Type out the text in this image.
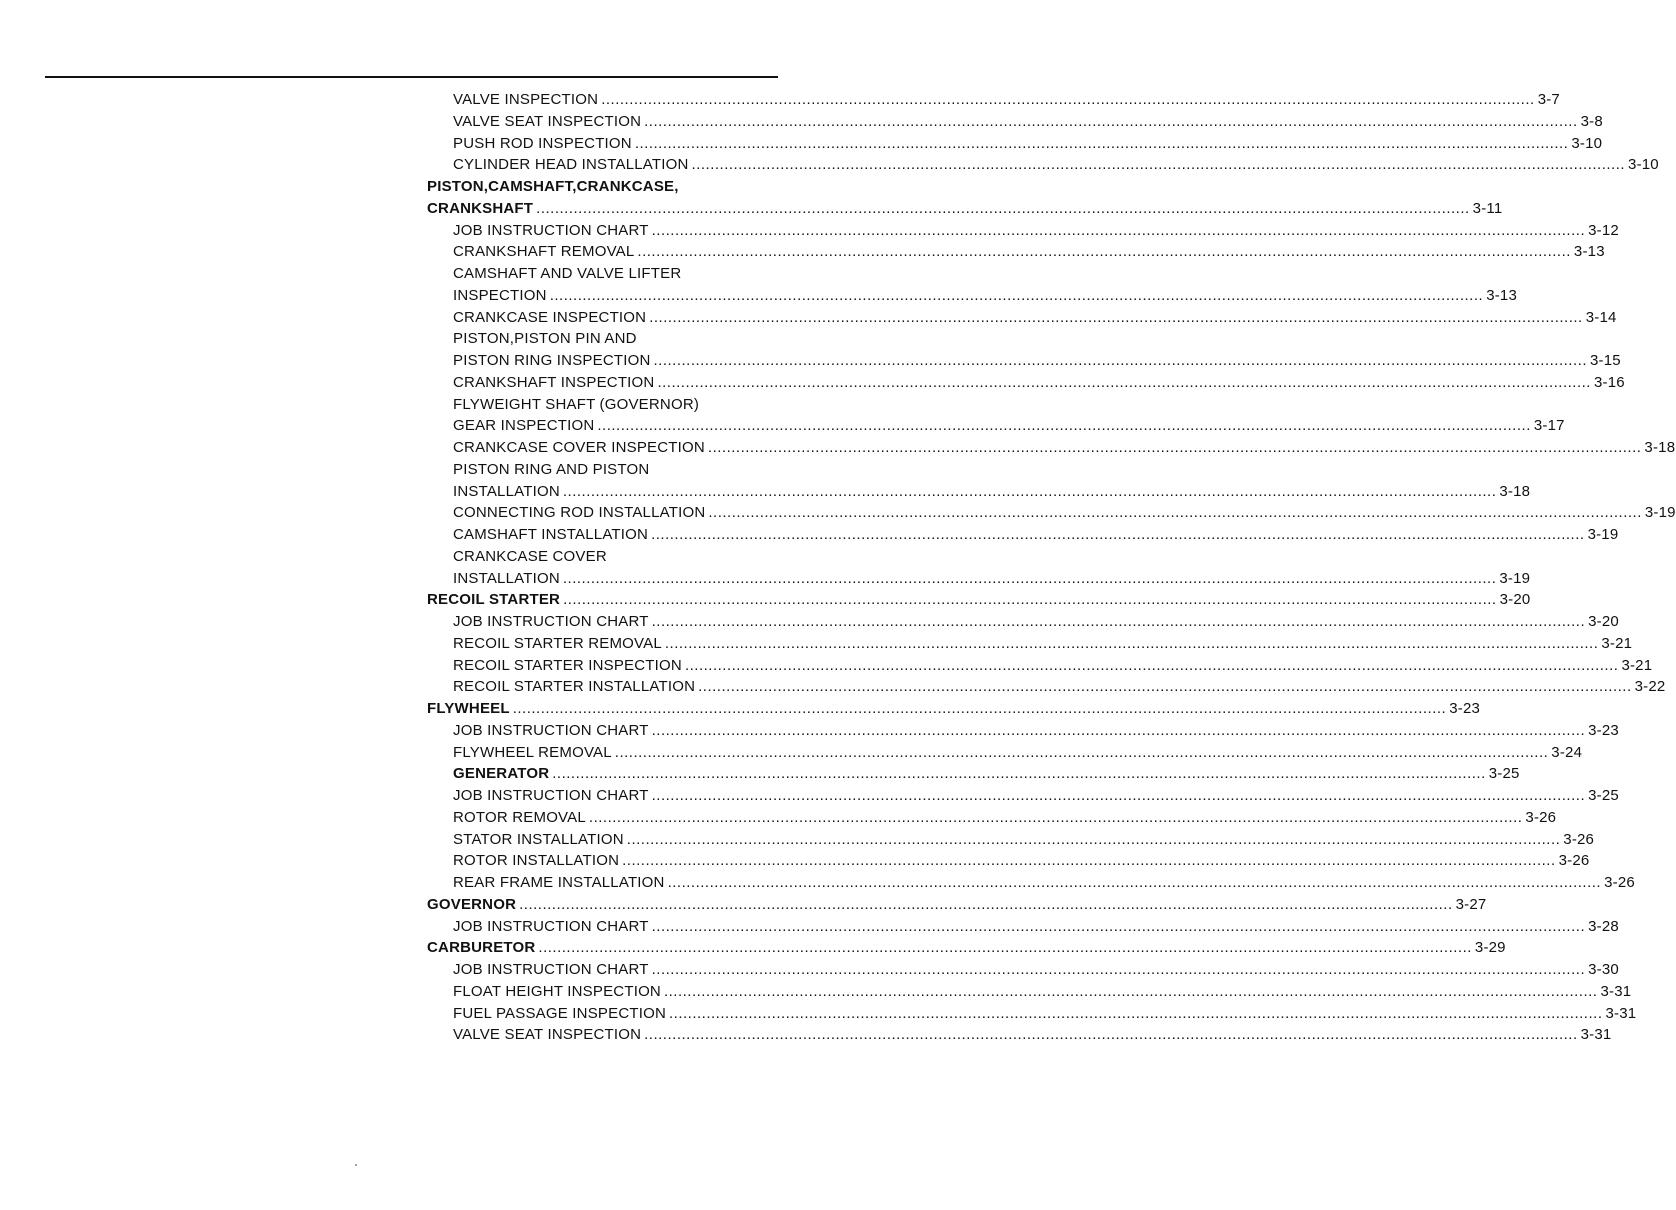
VALVE INSPECTION ........................................................................................................................................................................................................ 3-7
VALVE SEAT INSPECTION ........................................................................................................................................................................................................ 3-8
PUSH ROD INSPECTION ........................................................................................................................................................................................................ 3-10
CYLINDER HEAD INSTALLATION ........................................................................................................................................................................................................ 3-10
PISTON,CAMSHAFT,CRANKCASE,
CRANKSHAFT ........................................................................................................................................................................................................ 3-11
JOB INSTRUCTION CHART ........................................................................................................................................................................................................ 3-12
CRANKSHAFT REMOVAL ........................................................................................................................................................................................................ 3-13
CAMSHAFT AND VALVE LIFTER
INSPECTION ........................................................................................................................................................................................................ 3-13
CRANKCASE INSPECTION ........................................................................................................................................................................................................ 3-14
PISTON,PISTON PIN AND
PISTON RING INSPECTION ........................................................................................................................................................................................................ 3-15
CRANKSHAFT INSPECTION ........................................................................................................................................................................................................ 3-16
FLYWEIGHT SHAFT (GOVERNOR)
GEAR INSPECTION ........................................................................................................................................................................................................ 3-17
CRANKCASE COVER INSPECTION ........................................................................................................................................................................................................ 3-18
PISTON RING AND PISTON
INSTALLATION ........................................................................................................................................................................................................ 3-18
CONNECTING ROD INSTALLATION ........................................................................................................................................................................................................ 3-19
CAMSHAFT INSTALLATION ........................................................................................................................................................................................................ 3-19
CRANKCASE COVER
INSTALLATION ........................................................................................................................................................................................................ 3-19
RECOIL STARTER ........................................................................................................................................................................................................ 3-20
JOB INSTRUCTION CHART ........................................................................................................................................................................................................ 3-20
RECOIL STARTER REMOVAL ........................................................................................................................................................................................................ 3-21
RECOIL STARTER INSPECTION ........................................................................................................................................................................................................ 3-21
RECOIL STARTER INSTALLATION ........................................................................................................................................................................................................ 3-22
FLYWHEEL ........................................................................................................................................................................................................ 3-23
JOB INSTRUCTION CHART ........................................................................................................................................................................................................ 3-23
FLYWHEEL REMOVAL ........................................................................................................................................................................................................ 3-24
GENERATOR ........................................................................................................................................................................................................ 3-25
JOB INSTRUCTION CHART ........................................................................................................................................................................................................ 3-25
ROTOR REMOVAL ........................................................................................................................................................................................................ 3-26
STATOR INSTALLATION ........................................................................................................................................................................................................ 3-26
ROTOR INSTALLATION ........................................................................................................................................................................................................ 3-26
REAR FRAME INSTALLATION ........................................................................................................................................................................................................ 3-26
GOVERNOR ........................................................................................................................................................................................................ 3-27
JOB INSTRUCTION CHART ........................................................................................................................................................................................................ 3-28
CARBURETOR ........................................................................................................................................................................................................ 3-29
JOB INSTRUCTION CHART ........................................................................................................................................................................................................ 3-30
FLOAT HEIGHT INSPECTION ........................................................................................................................................................................................................ 3-31
FUEL PASSAGE INSPECTION ........................................................................................................................................................................................................ 3-31
VALVE SEAT INSPECTION ........................................................................................................................................................................................................ 3-31
